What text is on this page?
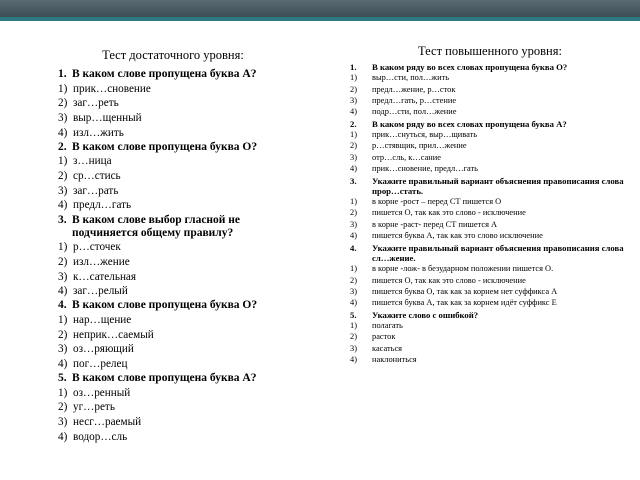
Тест достаточного уровня:
1. В каком слове пропущена буква А?
1) прик…сновение
2) заг…реть
3) выр…щенный
4) изл…жить
2. В каком слове пропущена буква О?
1) з…ница
2) ср…стись
3) заг…рать
4) предл…гать
3. В каком слове выбор гласной не подчиняется общему правилу?
1) р…сточек
2) изл…жение
3) к…сательная
4) заг…релый
4. В каком слове пропущена буква О?
1) нар…щение
2) неприк…саемый
3) оз…ряющий
4) пог…релец
5. В каком слове пропущена буква А?
1) оз…ренный
2) уг…реть
3) несг…раемый
4) водор…сль
Тест повышенного уровня:
1.	В каком ряду во всех словах пропущена буква О?
1)	выр…сти, пол…жить
2)	предл…жение, р…сток
3)	предл…гать, р…стение
4)	подр…сти, пол…жение
2.	В каком ряду во всех словах пропущена буква А?
1)	прик…снуться, выр…щивать
2)	р…стявщик, прил…жение
3)	отр…сль, к…сание
4)	прик…сновение, предл…гать
3.	Укажите правильный вариант объяснения правописания слова прор…стать.
1)	в корне -рост – перед СТ пишется О
2)	пишется О, так как это слово - исключение
3)	в корне -раст- перед СТ пишется А
4)	пишется буква А, так как это слово исключение
4.	Укажите правильный вариант объяснения правописания слова сл…жение.
1)	в корне -лож- в безударном положении пишется О.
2)	пишется О, так как это слово - исключение
3)	пишется буква О, так как за корнем нет суффикса А
4)	пишется буква А, так как за корнем идёт суффикс Е
5.	Укажите слово с ошибкой?
1)	полагать
2)	расток
3)	касаться
4)	наклониться
